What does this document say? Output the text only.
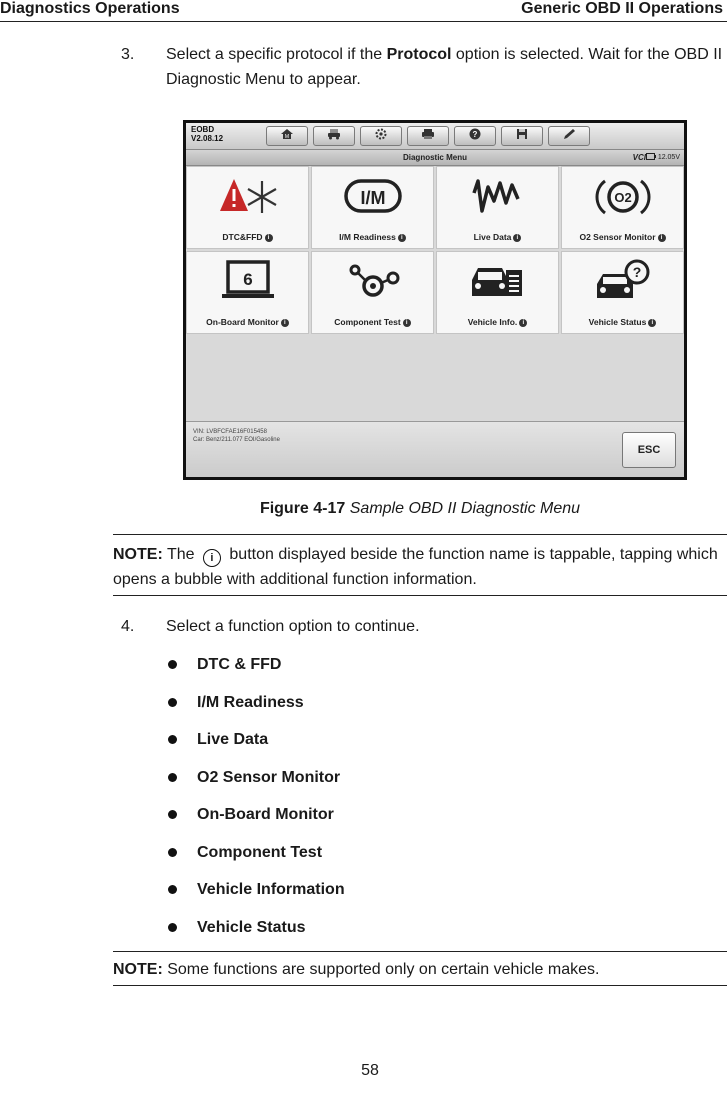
Diagnostics Operations	Generic OBD II Operations
3. Select a specific protocol if the Protocol option is selected. Wait for the OBD II Diagnostic Menu to appear.
EOBD
V2.08.12	M	?
Diagnostic Menu	VCI	12.05V
DTC&FFD i
I/M
I/M Readiness i	Live Data i
O2
O2 Sensor Monitor i
6
On-Board Monitor i	Component Test i	Vehicle Info. i
?
Vehicle Status i
VIN: LVBFCFAE16F015458
Car: Benz/211.077 EOI/Gasoline
ESC
Figure 4-17 Sample OBD II Diagnostic Menu
NOTE: The i button displayed beside the function name is tappable, tapping which opens a bubble with additional function information.
4. Select a function option to continue.
DTC & FFD
I/M Readiness
Live Data
O2 Sensor Monitor
On-Board Monitor
Component Test
Vehicle Information
Vehicle Status
NOTE: Some functions are supported only on certain vehicle makes.
58
